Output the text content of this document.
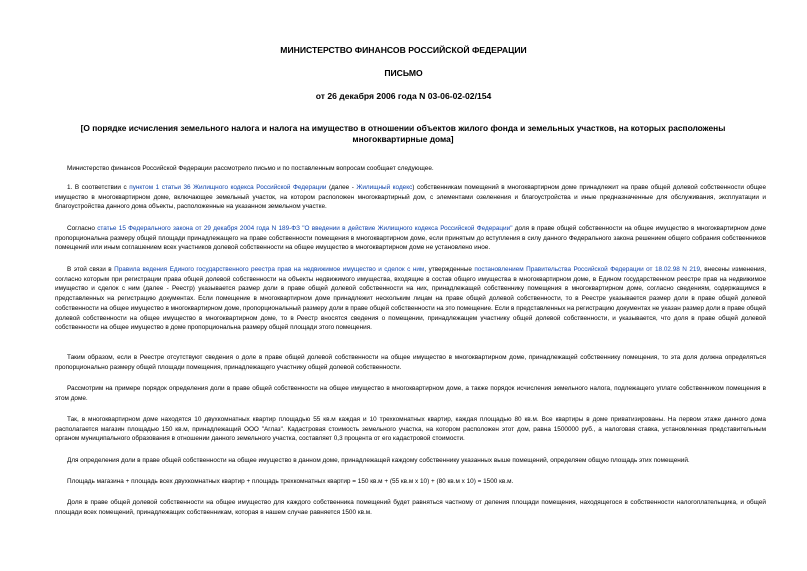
МИНИСТЕРСТВО ФИНАНСОВ РОССИЙСКОЙ ФЕДЕРАЦИИ
ПИСЬМО
от 26 декабря 2006 года N 03-06-02-02/154
[О порядке исчисления земельного налога и налога на имущество в отношении объектов жилого фонда и земельных участков, на которых расположены многоквартирные дома]
Министерство финансов Российской Федерации рассмотрело письмо и по поставленным вопросам сообщает следующее.
1. В соответствии с пунктом 1 статьи 36 Жилищного кодекса Российской Федерации (далее - Жилищный кодекс) собственникам помещений в многоквартирном доме принадлежит на праве общей долевой собственности общее имущество в многоквартирном доме, включающее земельный участок, на котором расположен многоквартирный дом, с элементами озеленения и благоустройства и иные предназначенные для обслуживания, эксплуатации и благоустройства данного дома объекты, расположенные на указанном земельном участке.
Согласно статье 15 Федерального закона от 29 декабря 2004 года N 189-ФЗ "О введении в действие Жилищного кодекса Российской Федерации" доля в праве общей собственности на общее имущество в многоквартирном доме пропорциональна размеру общей площади принадлежащего на праве собственности помещения в многоквартирном доме, если принятым до вступления в силу данного Федерального закона решением общего собрания собственников помещений или иным соглашением всех участников долевой собственности на общее имущество в многоквартирном доме не установлено иное.
В этой связи в Правила ведения Единого государственного реестра прав на недвижимое имущество и сделок с ним, утвержденные постановлением Правительства Российской Федерации от 18.02.98 N 219, внесены изменения, согласно которым при регистрации права общей долевой собственности на объекты недвижимого имущества, входящие в состав общего имущества в многоквартирном доме, в Едином государственном реестре прав на недвижимое имущество и сделок с ним (далее - Реестр) указывается размер доли в праве общей долевой собственности на них, принадлежащей собственнику помещения в многоквартирном доме, согласно сведениям, содержащимся в представленных на регистрацию документах. Если помещение в многоквартирном доме принадлежит нескольким лицам на праве общей долевой собственности, то в Реестре указывается размер доли в праве общей долевой собственности на общее имущество в многоквартирном доме, пропорциональный размеру доли в праве общей собственности на это помещение. Если в представленных на регистрацию документах не указан размер доли в праве общей долевой собственности на общее имущество в многоквартирном доме, то в Реестр вносятся сведения о помещении, принадлежащем участнику общей долевой собственности, и указывается, что доля в праве общей долевой собственности на общее имущество в доме пропорциональна размеру общей площади этого помещения.
Таким образом, если в Реестре отсутствуют сведения о доле в праве общей долевой собственности на общее имущество в многоквартирном доме, принадлежащей собственнику помещения, то эта доля должна определяться пропорционально размеру общей площади помещения, принадлежащего участнику общей долевой собственности.
Рассмотрим на примере порядок определения доли в праве общей собственности на общее имущество в многоквартирном доме, а также порядок исчисления земельного налога, подлежащего уплате собственником помещения в этом доме.
Так, в многоквартирном доме находятся 10 двухкомнатных квартир площадью 55 кв.м каждая и 10 трехкомнатных квартир, каждая площадью 80 кв.м. Все квартиры в доме приватизированы. На первом этаже данного дома располагается магазин площадью 150 кв.м, принадлежащий ООО "Аглаз". Кадастровая стоимость земельного участка, на котором расположен этот дом, равна 1500000 руб., а налоговая ставка, установленная представительным органом муниципального образования в отношении данного земельного участка, составляет 0,3 процента от его кадастровой стоимости.
Для определения доли в праве общей собственности на общее имущество в данном доме, принадлежащей каждому собственнику указанных выше помещений, определяем общую площадь этих помещений.
Площадь магазина + площадь всех двухкомнатных квартир + площадь трехкомнатных квартир = 150 кв.м + (55 кв.м х 10) + (80 кв.м х 10) = 1500 кв.м.
Доля в праве общей долевой собственности на общее имущество для каждого собственника помещений будет равняться частному от деления площади помещения, находящегося в собственности налогоплательщика, и общей площади всех помещений, принадлежащих собственникам, которая в нашем случае равняется 1500 кв.м.
